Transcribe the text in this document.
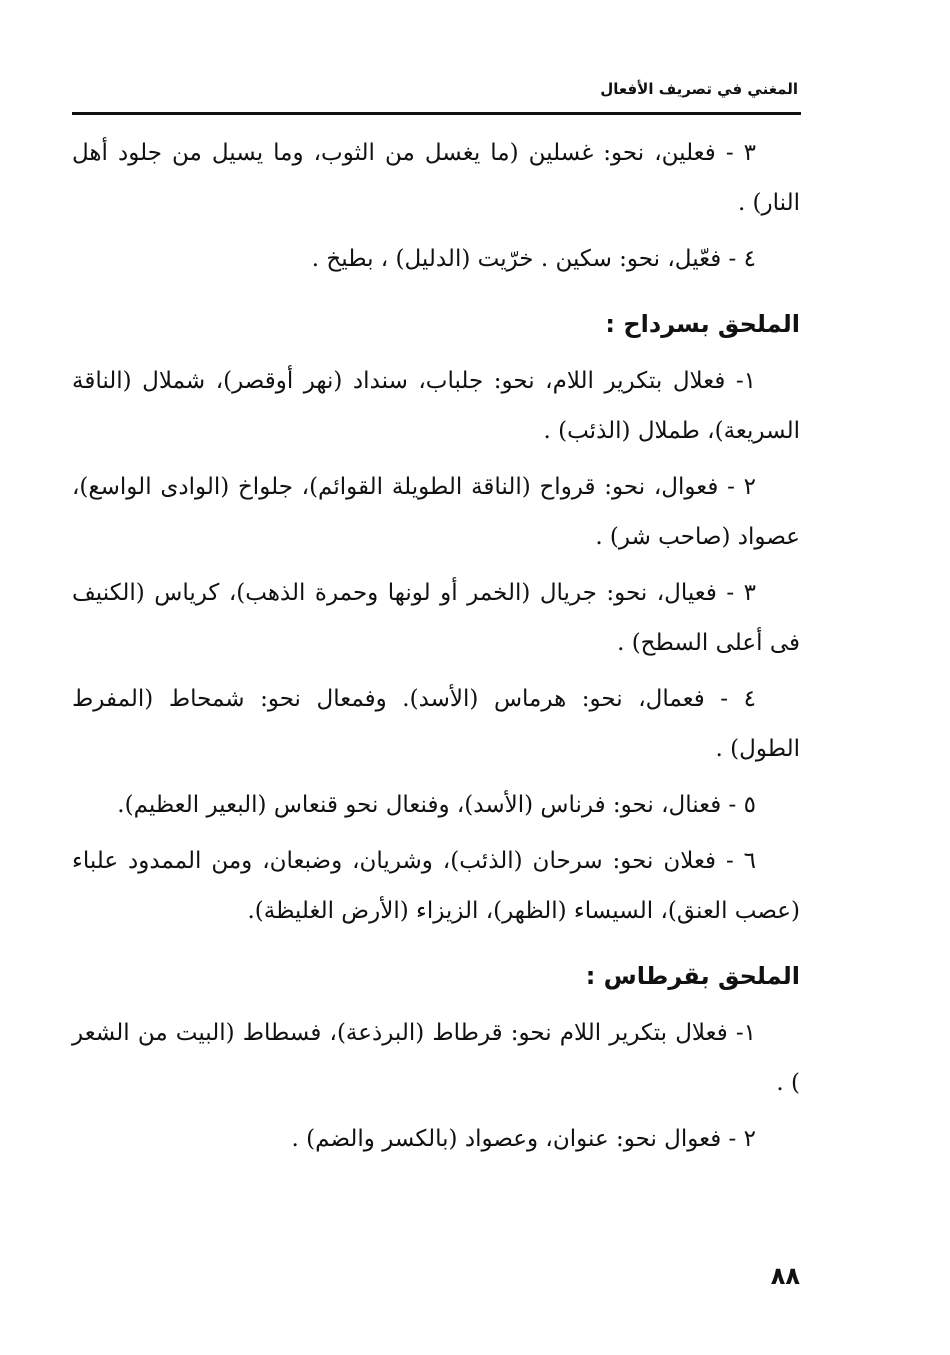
المغني في تصريف الأفعال

٣ - فعلين، نحو: غسلين (ما يغسل من الثوب، وما يسيل من جلود أهل النار) .

٤ - فعّيل، نحو: سكين . خرّيت (الدليل) ، بطيخ .

الملحق بسرداح :

١- فعلال بتكرير اللام، نحو: جلباب، سنداد (نهر أوقصر)، شملال (الناقة السريعة)، طملال (الذئب) .

٢ - فعوال، نحو: قرواح (الناقة الطويلة القوائم)، جلواخ (الوادى الواسع)، عصواد (صاحب شر) .

٣ - فعيال، نحو: جريال (الخمر أو لونها وحمرة الذهب)، كرياس (الكنيف فى أعلى السطح) .

٤ - فعمال، نحو: هرماس (الأسد). وفمعال نحو: شمحاط (المفرط الطول) .

٥ - فعنال، نحو: فرناس (الأسد)، وفنعال نحو قنعاس (البعير العظيم).

٦ - فعلان نحو: سرحان (الذئب)، وشريان، وضبعان، ومن الممدود علباء (عصب العنق)، السيساء (الظهر)، الزيزاء (الأرض الغليظة).

الملحق بقرطاس :

١- فعلال بتكرير اللام نحو: قرطاط (البرذعة)، فسطاط (البيت من الشعر ) .

٢ - فعوال نحو: عنوان، وعصواد (بالكسر والضم) .

٨٨
